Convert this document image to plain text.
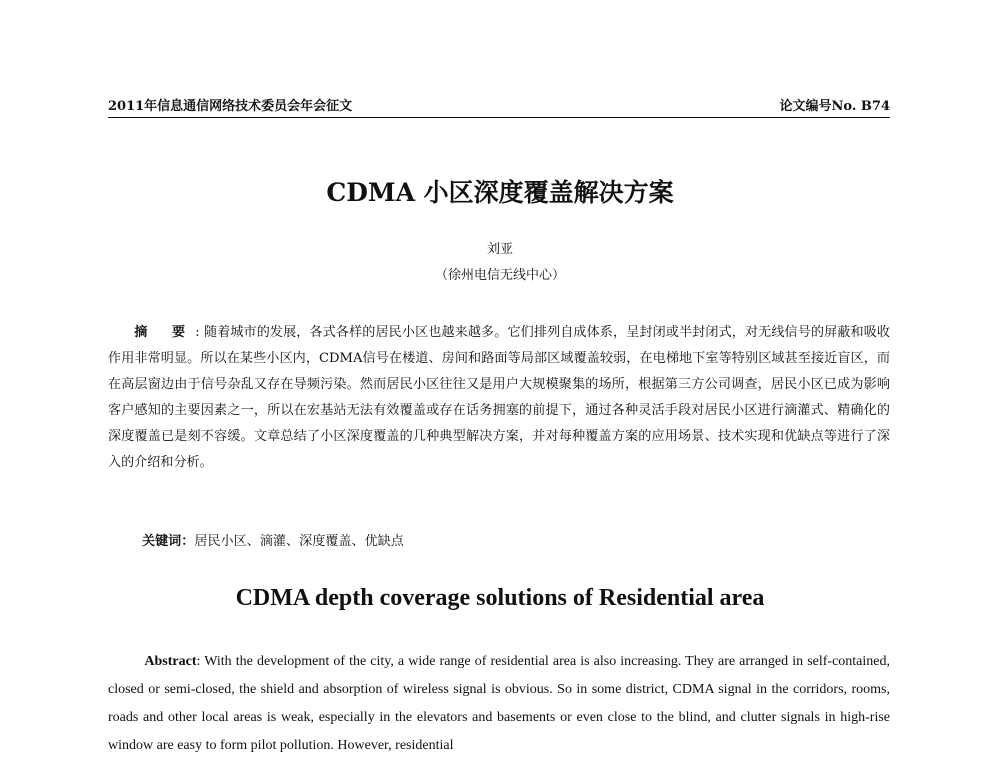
2011年信息通信网络技术委员会年会征文	论文编号No. B74
CDMA 小区深度覆盖解决方案
刘亚
（徐州电信无线中心）

摘 要: 随着城市的发展，各式各样的居民小区也越来越多。它们排列自成体系，呈封闭或半封闭式，对无线信号的屏蔽和吸收作用非常明显。所以在某些小区内，CDMA信号在楼道、房间和路面等局部区域覆盖较弱，在电梯地下室等特别区域甚至接近盲区，而在高层窗边由于信号杂乱又存在导频污染。然而居民小区往往又是用户大规模聚集的场所，根据第三方公司调查，居民小区已成为影响客户感知的主要因素之一，所以在宏基站无法有效覆盖或存在话务拥塞的前提下，通过各种灵活手段对居民小区进行滴灌式、精确化的深度覆盖已是刻不容缓。文章总结了小区深度覆盖的几种典型解决方案，并对每种覆盖方案的应用场景、技术实现和优缺点等进行了深入的介绍和分析。

关键词：居民小区、滴灌、深度覆盖、优缺点
CDMA depth coverage solutions of Residential area

Abstract: With the development of the city, a wide range of residential area is also increasing. They are arranged in self-contained, closed or semi-closed, the shield and absorption of wireless signal is obvious. So in some district, CDMA signal in the corridors, rooms, roads and other local areas is weak, especially in the elevators and basements or even close to the blind, and clutter signals in high-rise window are easy to form pilot pollution. However, residential
